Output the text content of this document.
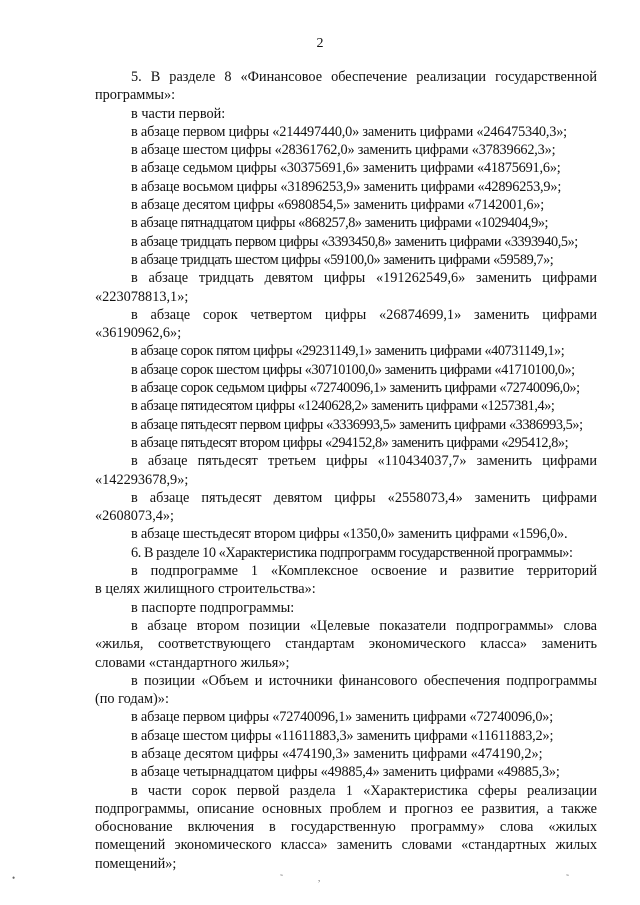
2

5. В разделе 8 «Финансовое обеспечение реализации государственной

программы»:

в части первой:

в абзаце первом цифры «214497440,0» заменить цифрами «246475340,3»;

в абзаце шестом цифры «28361762,0» заменить цифрами «37839662,3»;

в абзаце седьмом цифры «30375691,6» заменить цифрами «41875691,6»;

в абзаце восьмом цифры «31896253,9» заменить цифрами «42896253,9»;

в абзаце десятом цифры «6980854,5» заменить цифрами «7142001,6»;

в абзаце пятнадцатом цифры «868257,8» заменить цифрами «1029404,9»;

в абзаце тридцать первом цифры «3393450,8» заменить цифрами «3393940,5»;

в абзаце тридцать шестом цифры «59100,0» заменить цифрами «59589,7»;

в абзаце тридцать девятом цифры «191262549,6» заменить цифрами

«223078813,1»;

в абзаце сорок четвертом цифры «26874699,1» заменить цифрами

«36190962,6»;

в абзаце сорок пятом цифры «29231149,1» заменить цифрами «40731149,1»;

в абзаце сорок шестом цифры «30710100,0» заменить цифрами «41710100,0»;

в абзаце сорок седьмом цифры «72740096,1» заменить цифрами «72740096,0»;

в абзаце пятидесятом цифры «1240628,2» заменить цифрами «1257381,4»;

в абзаце пятьдесят первом цифры «3336993,5» заменить цифрами «3386993,5»;

в абзаце пятьдесят втором цифры «294152,8» заменить цифрами «295412,8»;

в абзаце пятьдесят третьем цифры «110434037,7» заменить цифрами

«142293678,9»;

в абзаце пятьдесят девятом цифры «2558073,4» заменить цифрами

«2608073,4»;

в абзаце шестьдесят втором цифры «1350,0» заменить цифрами «1596,0».

6. В разделе 10 «Характеристика подпрограмм государственной программы»:

в подпрограмме 1 «Комплексное освоение и развитие территорий

в целях жилищного строительства»:

в паспорте подпрограммы:

в абзаце втором позиции «Целевые показатели подпрограммы» слова

«жилья, соответствующего стандартам экономического класса» заменить

словами «стандартного жилья»;

в позиции «Объем и источники финансового обеспечения подпрограммы

(по годам)»:

в абзаце первом цифры «72740096,1» заменить цифрами «72740096,0»;

в абзаце шестом цифры «11611883,3» заменить цифрами «11611883,2»;

в абзаце десятом цифры «474190,3» заменить цифрами «474190,2»;

в абзаце четырнадцатом цифры «49885,4» заменить цифрами «49885,3»;

в части сорок первой раздела 1 «Характеристика сферы реализации

подпрограммы, описание основных проблем и прогноз ее развития, а также

обоснование включения в государственную программу» слова «жилых

помещений экономического класса» заменить словами «стандартных жилых

помещений»;

•	˜	,	˜
